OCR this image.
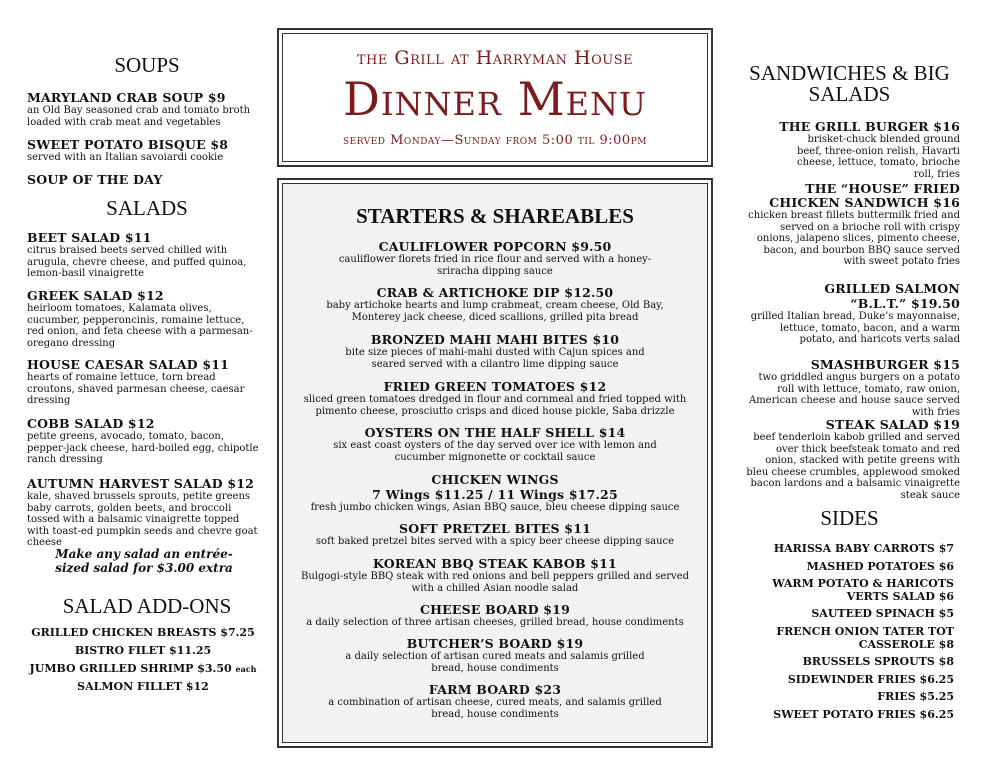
SOUPS
MARYLAND CRAB SOUP $9
an Old Bay seasoned crab and tomato broth loaded with crab meat and vegetables
SWEET POTATO BISQUE $8
served with an Italian savoiardi cookie
SOUP OF THE DAY
SALADS
BEET SALAD $11
citrus braised beets served chilled with arugula, chevre cheese, and puffed quinoa, lemon-basil vinaigrette
GREEK SALAD $12
heirloom tomatoes, Kalamata olives, cucumber, pepperoncinis, romaine lettuce, red onion, and feta cheese with a parmesan-oregano dressing
HOUSE CAESAR SALAD $11
hearts of romaine lettuce, torn bread croutons, shaved parmesan cheese, caesar dressing
COBB SALAD $12
petite greens, avocado, tomato, bacon, pepper-jack cheese, hard-boiled egg, chipotle ranch dressing
AUTUMN HARVEST SALAD $12
kale, shaved brussels sprouts, petite greens baby carrots, golden beets, and broccoli tossed with a balsamic vinaigrette topped with toast-ed pumpkin seeds and chevre goat cheese
Make any salad an entrée-sized salad for $3.00 extra
SALAD ADD-ONS
GRILLED CHICKEN BREASTS $7.25
BISTRO FILET $11.25
JUMBO GRILLED SHRIMP $3.50 each
SALMON FILLET $12
the Grill at Harryman House
Dinner Menu
served Monday—Sunday from 5:00 til 9:00pm
STARTERS & SHAREABLES
CAULIFLOWER POPCORN $9.50
cauliflower florets fried in rice flour and served with a honey-sriracha dipping sauce
CRAB & ARTICHOKE DIP $12.50
baby artichoke hearts and lump crabmeat, cream cheese, Old Bay, Monterey jack cheese, diced scallions, grilled pita bread
BRONZED MAHI MAHI BITES $10
bite size pieces of mahi-mahi dusted with Cajun spices and seared served with a cilantro lime dipping sauce
FRIED GREEN TOMATOES $12
sliced green tomatoes dredged in flour and cornmeal and fried topped with pimento cheese, prosciutto crisps and diced house pickle, Saba drizzle
OYSTERS ON THE HALF SHELL $14
six east coast oysters of the day served over ice with lemon and cucumber mignonette or cocktail sauce
CHICKEN WINGS
7 Wings $11.25 / 11 Wings $17.25
fresh jumbo chicken wings, Asian BBQ sauce, bleu cheese dipping sauce
SOFT PRETZEL BITES $11
soft baked pretzel bites served with a spicy beer cheese dipping sauce
KOREAN BBQ STEAK KABOB $11
Bulgogi-style BBQ steak with red onions and bell peppers grilled and served with a chilled Asian noodle salad
CHEESE BOARD $19
a daily selection of three artisan cheeses, grilled bread, house condiments
BUTCHER’S BOARD $19
a daily selection of artisan cured meats and salamis grilled bread, house condiments
FARM BOARD $23
a combination of artisan cheese, cured meats, and salamis grilled bread, house condiments
SANDWICHES & BIG SALADS
THE GRILL BURGER $16
brisket-chuck blended ground beef, three-onion relish, Havarti cheese, lettuce, tomato, brioche roll, fries
THE “HOUSE” FRIED CHICKEN SANDWICH $16
chicken breast fillets buttermilk fried and served on a brioche roll with crispy onions, jalapeno slices, pimento cheese, bacon, and bourbon BBQ sauce served with sweet potato fries
GRILLED SALMON “B.L.T.” $19.50
grilled Italian bread, Duke’s mayonnaise, lettuce, tomato, bacon, and a warm potato, and haricots verts salad
SMASHBURGER $15
two griddled angus burgers on a potato roll with lettuce, tomato, raw onion, American cheese and house sauce served with fries
STEAK SALAD $19
beef tenderloin kabob grilled and served over thick beefsteak tomato and red onion, stacked with petite greens with bleu cheese crumbles, applewood smoked bacon lardons and a balsamic vinaigrette steak sauce
SIDES
HARISSA BABY CARROTS $7
MASHED POTATOES $6
WARM POTATO & HARICOTS VERTS SALAD $6
SAUTEED SPINACH $5
FRENCH ONION TATER TOT CASSEROLE $8
BRUSSELS SPROUTS $8
SIDEWINDER FRIES $6.25
FRIES $5.25
SWEET POTATO FRIES $6.25
